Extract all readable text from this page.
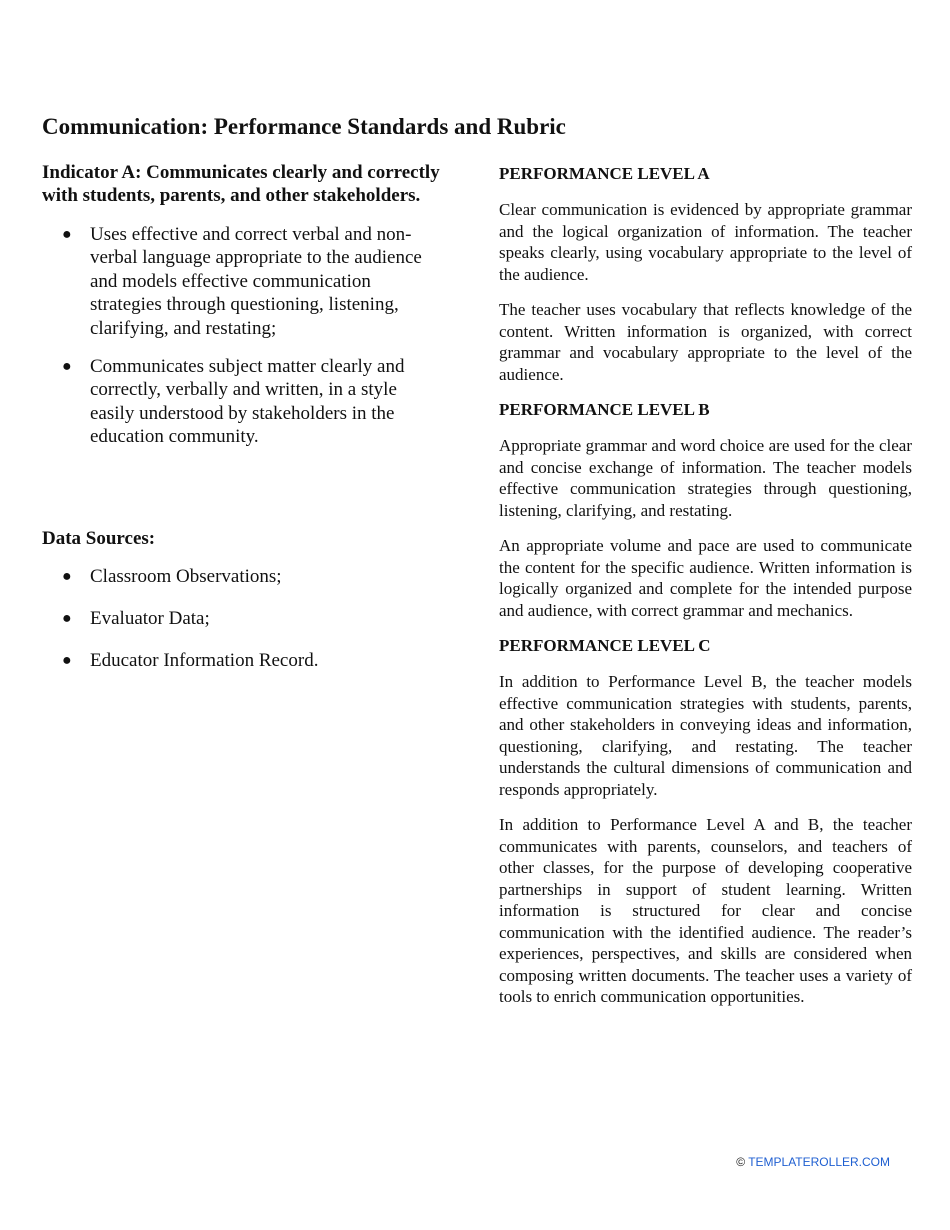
Communication: Performance Standards and Rubric
Indicator A: Communicates clearly and correctly with students, parents, and other stakeholders.
● Uses effective and correct verbal and non-verbal language appropriate to the audience and models effective communication strategies through questioning, listening, clarifying, and restating;
● Communicates subject matter clearly and correctly, verbally and written, in a style easily understood by stakeholders in the education community.
Data Sources:
● Classroom Observations;
● Evaluator Data;
● Educator Information Record.
PERFORMANCE LEVEL A

Clear communication is evidenced by appropriate grammar and the logical organization of information. The teacher speaks clearly, using vocabulary appropriate to the level of the audience.

The teacher uses vocabulary that reflects knowledge of the content. Written information is organized, with correct grammar and vocabulary appropriate to the level of the audience.

PERFORMANCE LEVEL B

Appropriate grammar and word choice are used for the clear and concise exchange of information. The teacher models effective communication strategies through questioning, listening, clarifying, and restating.

An appropriate volume and pace are used to communicate the content for the specific audience. Written information is logically organized and complete for the intended purpose and audience, with correct grammar and mechanics.

PERFORMANCE LEVEL C

In addition to Performance Level B, the teacher models effective communication strategies with students, parents, and other stakeholders in conveying ideas and information, questioning, clarifying, and restating. The teacher understands the cultural dimensions of communication and responds appropriately.

In addition to Performance Level A and B, the teacher communicates with parents, counselors, and teachers of other classes, for the purpose of developing cooperative partnerships in support of student learning. Written information is structured for clear and concise communication with the identified audience. The reader’s experiences, perspectives, and skills are considered when composing written documents. The teacher uses a variety of tools to enrich communication opportunities.

© TEMPLATEROLLER.COM
